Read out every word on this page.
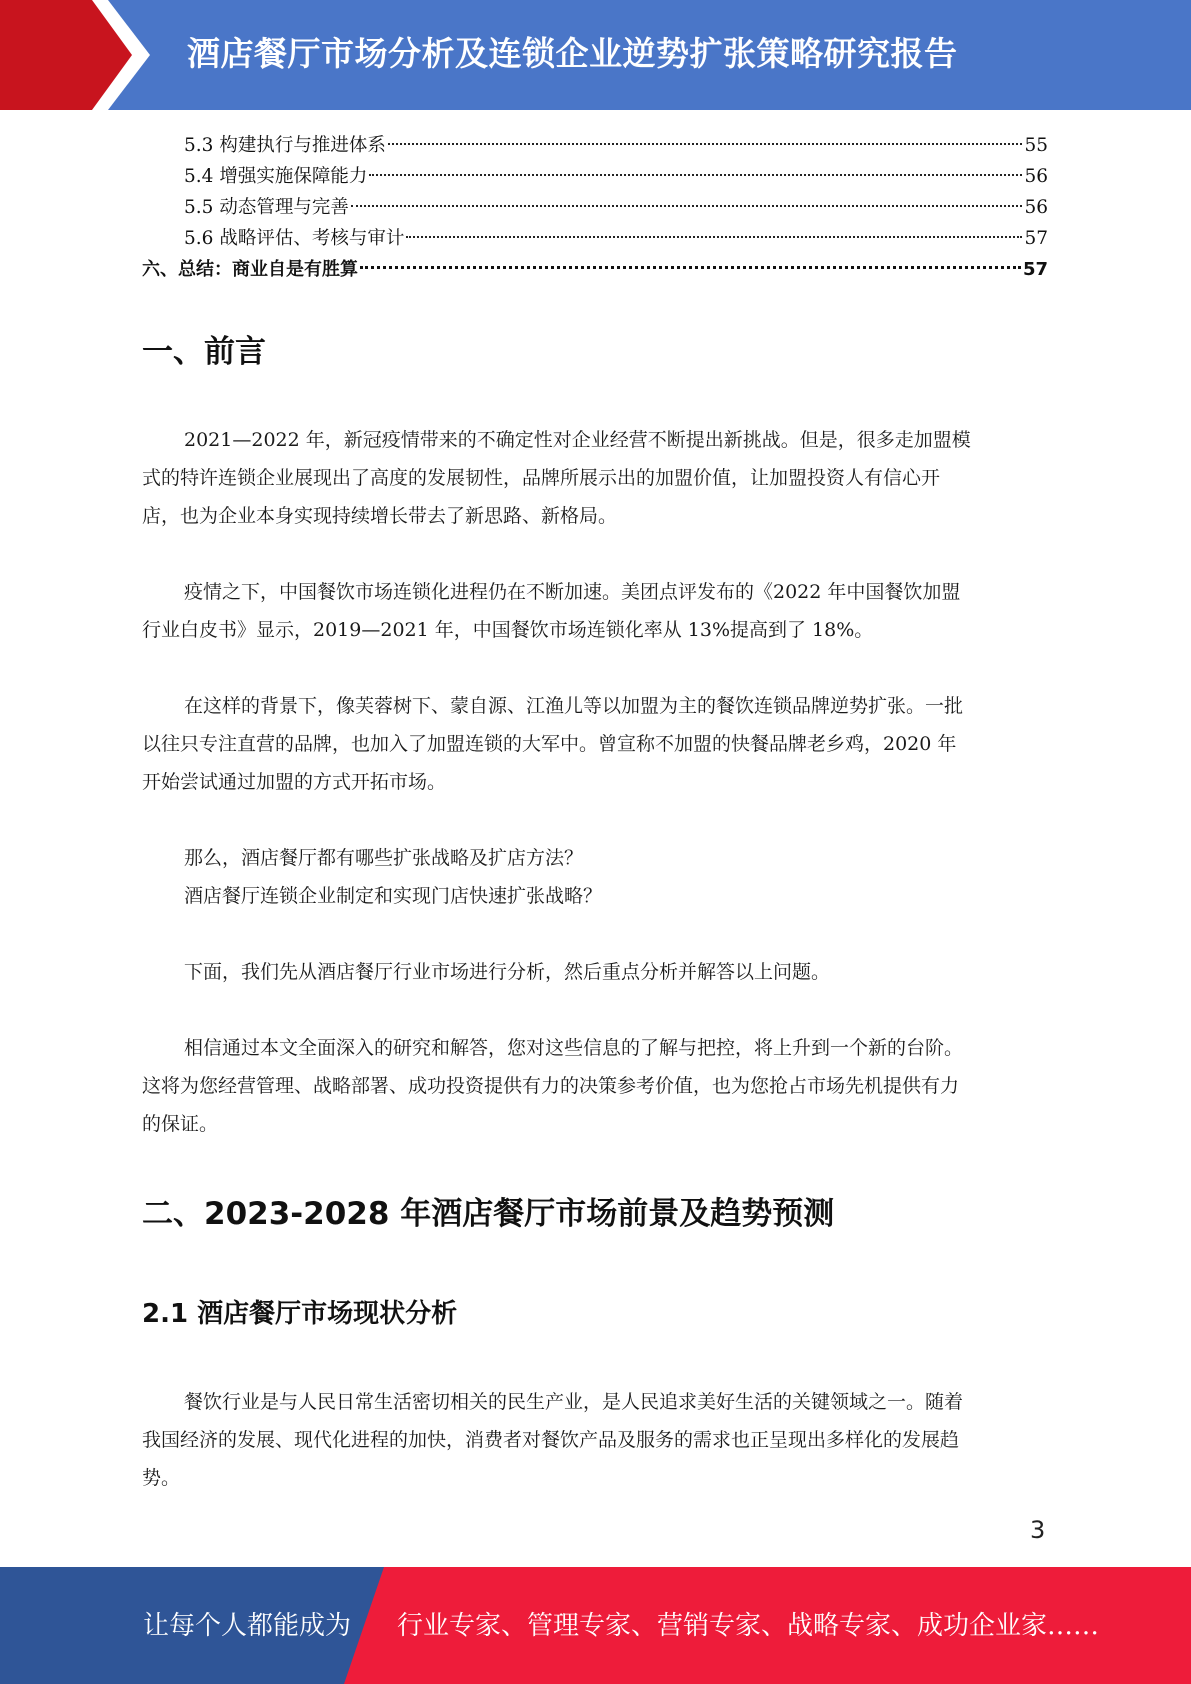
酒店餐厅市场分析及连锁企业逆势扩张策略研究报告
5.3 构建执行与推进体系	55
5.4 增强实施保障能力	56
5.5 动态管理与完善	56
5.6 战略评估、考核与审计	57
六、总结：商业自是有胜算	57
一、前言
2021—2022 年，新冠疫情带来的不确定性对企业经营不断提出新挑战。但是，很多走加盟模
式的特许连锁企业展现出了高度的发展韧性，品牌所展示出的加盟价值，让加盟投资人有信心开
店，也为企业本身实现持续增长带去了新思路、新格局。
疫情之下，中国餐饮市场连锁化进程仍在不断加速。美团点评发布的《2022 年中国餐饮加盟
行业白皮书》显示，2019—2021 年，中国餐饮市场连锁化率从 13%提高到了 18%。
在这样的背景下，像芙蓉树下、蒙自源、江渔儿等以加盟为主的餐饮连锁品牌逆势扩张。一批
以往只专注直营的品牌，也加入了加盟连锁的大军中。曾宣称不加盟的快餐品牌老乡鸡，2020 年
开始尝试通过加盟的方式开拓市场。
那么，酒店餐厅都有哪些扩张战略及扩店方法？
酒店餐厅连锁企业制定和实现门店快速扩张战略？
下面，我们先从酒店餐厅行业市场进行分析，然后重点分析并解答以上问题。
相信通过本文全面深入的研究和解答，您对这些信息的了解与把控，将上升到一个新的台阶。
这将为您经营管理、战略部署、成功投资提供有力的决策参考价值，也为您抢占市场先机提供有力
的保证。
二、2023-2028 年酒店餐厅市场前景及趋势预测
2.1 酒店餐厅市场现状分析
餐饮行业是与人民日常生活密切相关的民生产业，是人民追求美好生活的关键领域之一。随着
我国经济的发展、现代化进程的加快，消费者对餐饮产品及服务的需求也正呈现出多样化的发展趋
势。
3
让每个人都能成为 行业专家、管理专家、营销专家、战略专家、成功企业家……
